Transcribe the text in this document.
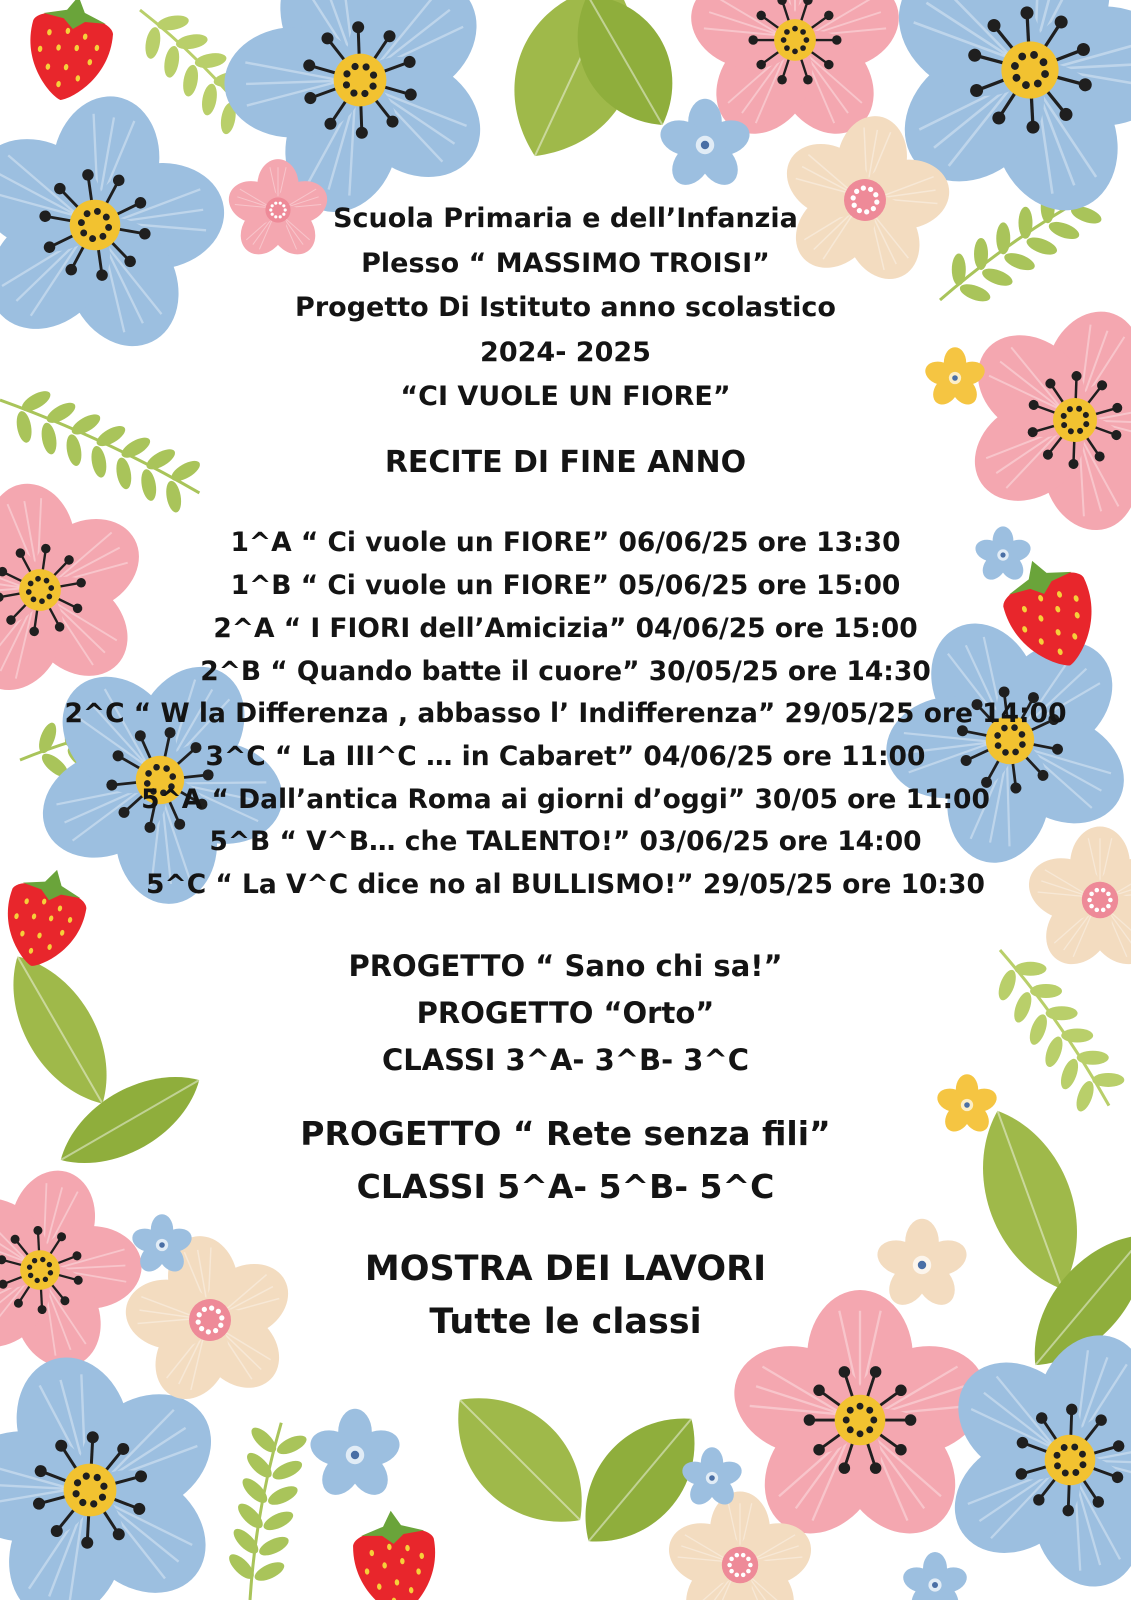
Scuola Primaria e dell’Infanzia
Plesso “ MASSIMO TROISI”
Progetto Di Istituto anno scolastico
2024- 2025
“CI VUOLE UN FIORE”
RECITE DI FINE ANNO
1^A “ Ci vuole un FIORE” 06/06/25 ore 13:30
1^B “ Ci vuole un FIORE” 05/06/25 ore 15:00
2^A “ I FIORI dell’Amicizia” 04/06/25 ore 15:00
2^B “ Quando batte il cuore” 30/05/25 ore 14:30
2^C “ W la Differenza , abbasso l’ Indifferenza” 29/05/25 ore 14:00
3^C “ La III^C … in Cabaret” 04/06/25 ore 11:00
5^A “ Dall’antica Roma ai giorni d’oggi” 30/05 ore 11:00
5^B “ V^B… che TALENTO!” 03/06/25 ore 14:00
5^C “ La V^C dice no al BULLISMO!” 29/05/25 ore 10:30
PROGETTO “ Sano chi sa!”
PROGETTO “Orto”
CLASSI 3^A- 3^B- 3^C
PROGETTO “ Rete senza fili”
CLASSI 5^A- 5^B- 5^C
MOSTRA DEI LAVORI
Tutte le classi
